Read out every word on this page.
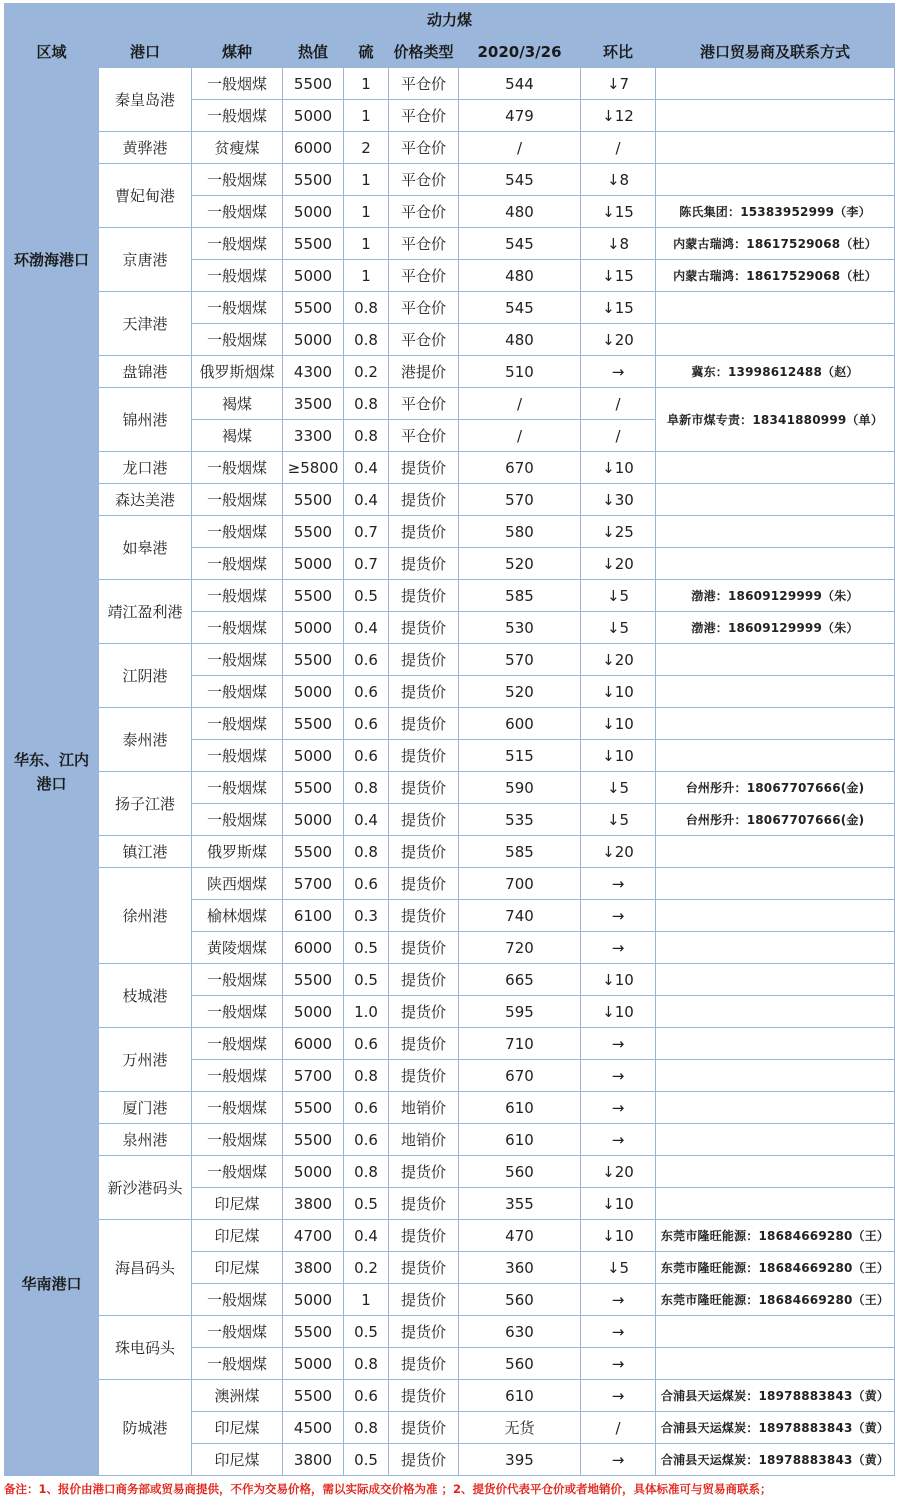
动力煤								
区域	港口	煤种	热值	硫	价格类型	2020/3/26	环比	港口贸易商及联系方式
环渤海港口	秦皇岛港	一般烟煤	5500	1	平仓价	544	↓7	
		一般烟煤	5000	1	平仓价	479	↓12	
	黄骅港	贫瘦煤	6000	2	平仓价	/	/	
	曹妃甸港	一般烟煤	5500	1	平仓价	545	↓8	
		一般烟煤	5000	1	平仓价	480	↓15	陈氏集团：15383952999（李）
	京唐港	一般烟煤	5500	1	平仓价	545	↓8	内蒙古瑞鸿：18617529068（杜）
		一般烟煤	5000	1	平仓价	480	↓15	内蒙古瑞鸿：18617529068（杜）
	天津港	一般烟煤	5500	0.8	平仓价	545	↓15	
		一般烟煤	5000	0.8	平仓价	480	↓20	
	盘锦港	俄罗斯烟煤	4300	0.2	港提价	510	→	冀东：13998612488（赵）
	锦州港	褐煤	3500	0.8	平仓价	/	/	阜新市煤专责：18341880999（单）
		褐煤	3300	0.8	平仓价	/	/	
华东、江内港口	龙口港	一般烟煤	≥5800	0.4	提货价	670	↓10	
	森达美港	一般烟煤	5500	0.4	提货价	570	↓30	
	如皋港	一般烟煤	5500	0.7	提货价	580	↓25	
		一般烟煤	5000	0.7	提货价	520	↓20	
	靖江盈利港	一般烟煤	5500	0.5	提货价	585	↓5	渤港：18609129999（朱）
		一般烟煤	5000	0.4	提货价	530	↓5	渤港：18609129999（朱）
	江阴港	一般烟煤	5500	0.6	提货价	570	↓20	
		一般烟煤	5000	0.6	提货价	520	↓10	
	泰州港	一般烟煤	5500	0.6	提货价	600	↓10	
		一般烟煤	5000	0.6	提货价	515	↓10	
	扬子江港	一般烟煤	5500	0.8	提货价	590	↓5	台州彤升：18067707666(金)
		一般烟煤	5000	0.4	提货价	535	↓5	台州彤升：18067707666(金)
	镇江港	俄罗斯煤	5500	0.8	提货价	585	↓20	
	徐州港	陕西烟煤	5700	0.6	提货价	700	→	
		榆林烟煤	6100	0.3	提货价	740	→	
		黄陵烟煤	6000	0.5	提货价	720	→	
	枝城港	一般烟煤	5500	0.5	提货价	665	↓10	
		一般烟煤	5000	1.0	提货价	595	↓10	
	万州港	一般烟煤	6000	0.6	提货价	710	→	
		一般烟煤	5700	0.8	提货价	670	→	
华南港口	厦门港	一般烟煤	5500	0.6	地销价	610	→	
	泉州港	一般烟煤	5500	0.6	地销价	610	→	
	新沙港码头	一般烟煤	5000	0.8	提货价	560	↓20	
		印尼煤	3800	0.5	提货价	355	↓10	
	海昌码头	印尼煤	4700	0.4	提货价	470	↓10	东莞市隆旺能源：18684669280（王）
		印尼煤	3800	0.2	提货价	360	↓5	东莞市隆旺能源：18684669280（王）
		一般烟煤	5000	1	提货价	560	→	东莞市隆旺能源：18684669280（王）
	珠电码头	一般烟煤	5500	0.5	提货价	630	→	
		一般烟煤	5000	0.8	提货价	560	→	
	防城港	澳洲煤	5500	0.6	提货价	610	→	合浦县天运煤炭：18978883843（黄）
		印尼煤	4500	0.8	提货价	无货	/	合浦县天运煤炭：18978883843（黄）
		印尼煤	3800	0.5	提货价	395	→	合浦县天运煤炭：18978883843（黄）
备注：1、报价由港口商务部或贸易商提供，不作为交易价格，需以实际成交价格为准 ；2、提货价代表平仓价或者地销价，具体标准可与贸易商联系；
